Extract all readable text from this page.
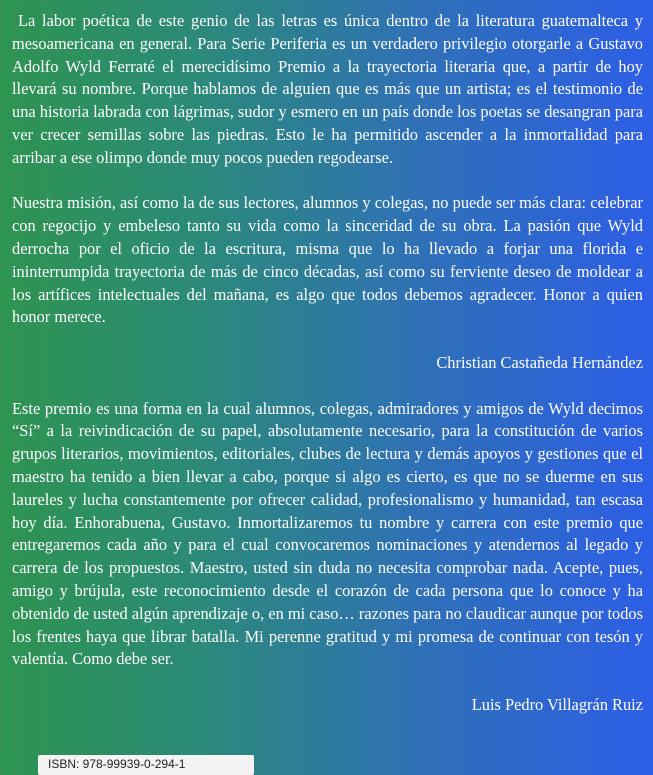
La labor poética de este genio de las letras es única dentro de la literatura guatemalteca y mesoamericana en general. Para Serie Periferia es un verdadero privilegio otorgarle a Gustavo Adolfo Wyld Ferraté el merecidísimo Premio a la trayectoria literaria que, a partir de hoy llevará su nombre. Porque hablamos de alguien que es más que un artista; es el testimonio de una historia labrada con lágrimas, sudor y esmero en un país donde los poetas se desangran para ver crecer semillas sobre las piedras. Esto le ha permitido ascender a la inmortalidad para arribar a ese olimpo donde muy pocos pueden regodearse.

Nuestra misión, así como la de sus lectores, alumnos y colegas, no puede ser más clara: celebrar con regocijo y embeleso tanto su vida como la sinceridad de su obra. La pasión que Wyld derrocha por el oficio de la escritura, misma que lo ha llevado a forjar una florida e ininterrumpida trayectoria de más de cinco décadas, así como su ferviente deseo de moldear a los artífices intelectuales del mañana, es algo que todos debemos agradecer. Honor a quien honor merece.

Christian Castañeda Hernández

Este premio es una forma en la cual alumnos, colegas, admiradores y amigos de Wyld decimos “Sí” a la reivindicación de su papel, absolutamente necesario, para la constitución de varios grupos literarios, movimientos, editoriales, clubes de lectura y demás apoyos y gestiones que el maestro ha tenido a bien llevar a cabo, porque si algo es cierto, es que no se duerme en sus laureles y lucha constantemente por ofrecer calidad, profesionalismo y humanidad, tan escasa hoy día. Enhorabuena, Gustavo. Inmortalizaremos tu nombre y carrera con este premio que entregaremos cada año y para el cual convocaremos nominaciones y atendernos al legado y carrera de los propuestos. Maestro, usted sin duda no necesita comprobar nada. Acepte, pues, amigo y brújula, este reconocimiento desde el corazón de cada persona que lo conoce y ha obtenido de usted algún aprendizaje o, en mi caso… razones para no claudicar aunque por todos los frentes haya que librar batalla. Mi perenne gratitud y mi promesa de continuar con tesón y valentía. Como debe ser.

Luis Pedro Villagrán Ruiz

ISBN: 978-99939-0-294-1
